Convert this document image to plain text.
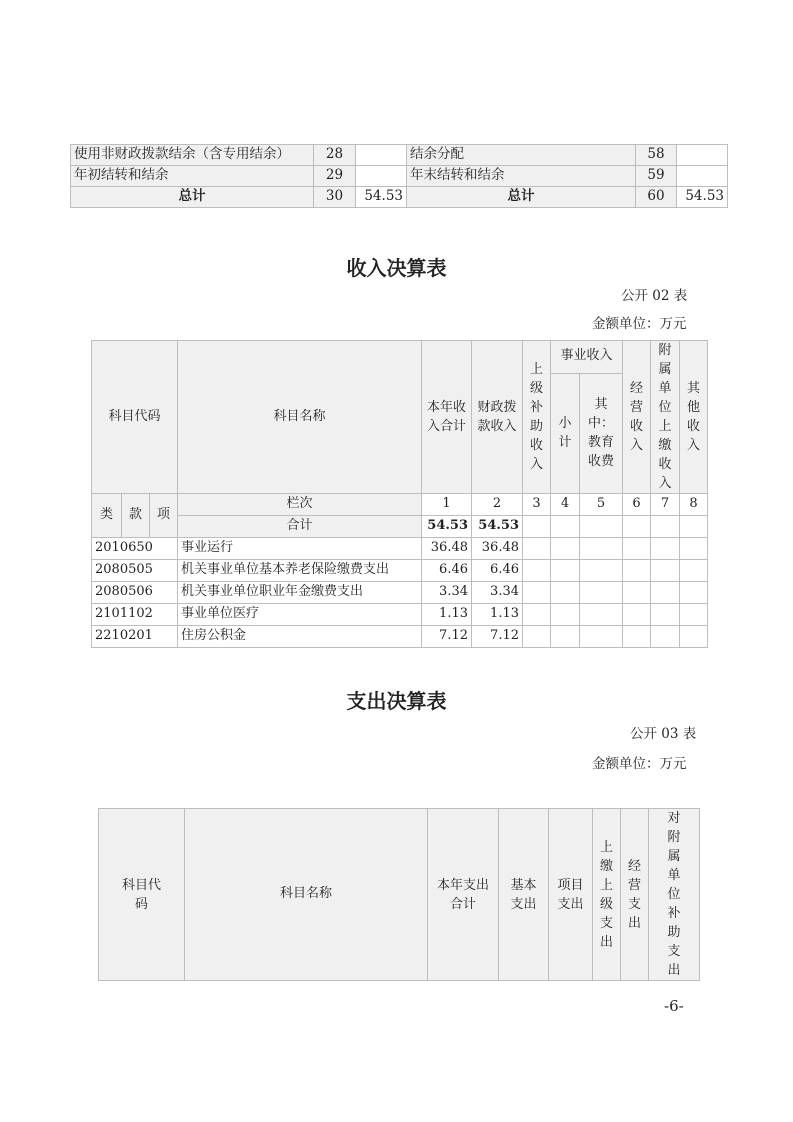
使用非财政拨款结余（含专用结余）	28		结余分配	58	
年初结转和结余	29		年末结转和结余	59	
总计	30	54.53	总计	60	54.53
收入决算表
公开 02 表
金额单位：万元
科目代码			科目名称	本年收入合计	财政拨款收入	上级补助收入	事业收入		经营收入	附属单位上缴收入	其他收入
							小计	其中：教育收费			
类	款	项	栏次	1	2	3	4	5	6	7	8
			合计	54.53	54.53						
2010650			事业运行	36.48	36.48						
2080505			机关事业单位基本养老保险缴费支出	6.46	6.46						
2080506			机关事业单位职业年金缴费支出	3.34	3.34						
2101102			事业单位医疗	1.13	1.13						
2210201			住房公积金	7.12	7.12						
支出决算表
公开 03 表
金额单位：万元
科目代码	科目名称	本年支出合计	基本支出	项目支出	上缴上级支出	经营支出	对附属单位补助支出
-6-
